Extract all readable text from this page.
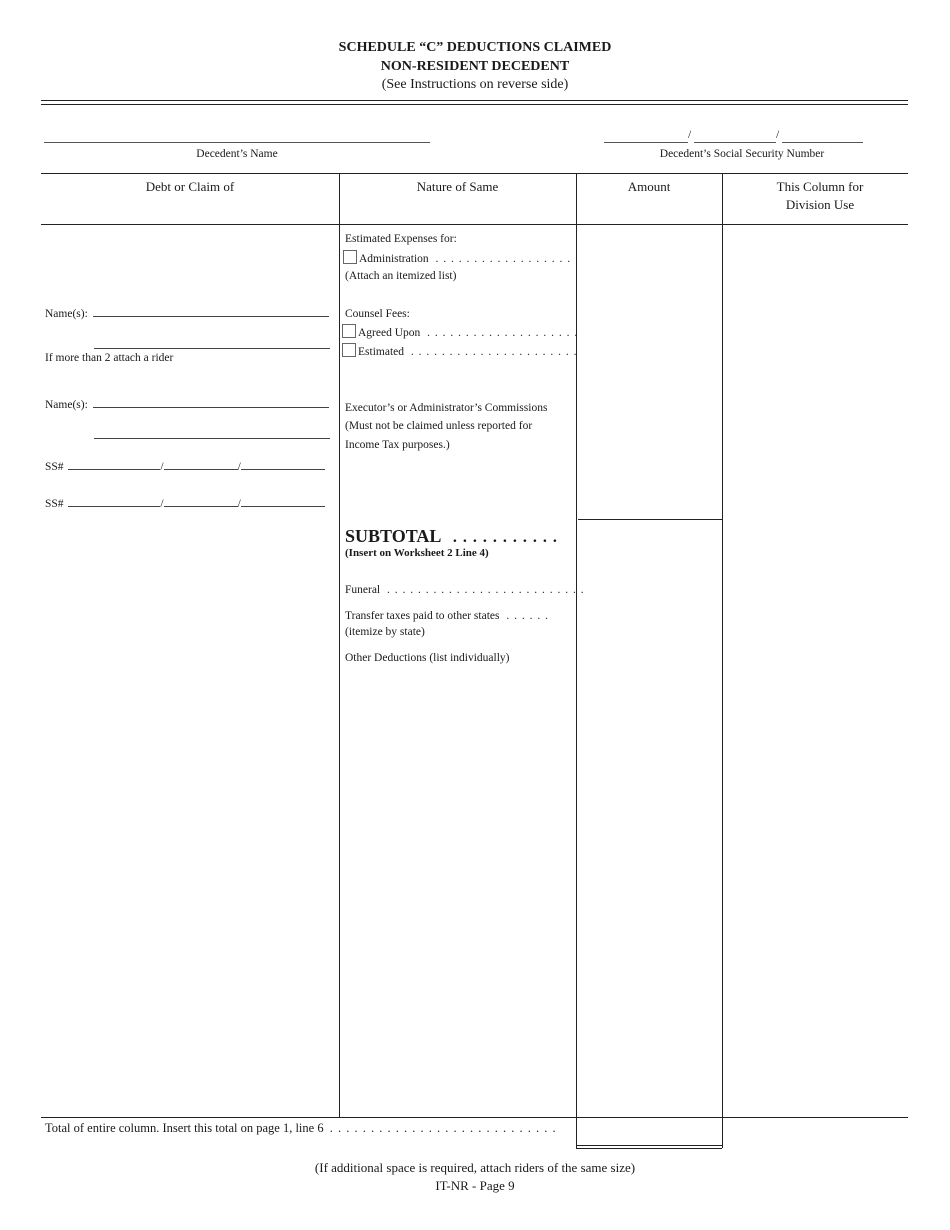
SCHEDULE “C” DEDUCTIONS CLAIMED
NON-RESIDENT DECEDENT
(See Instructions on reverse side)
Decedent’s Name
/	/
Decedent’s Social Security Number
Debt or Claim of	Nature of Same	Amount	This Column for
Division Use
Name(s):
If more than 2 attach a rider
Name(s):
SS#	/	/
SS#	/	/
Estimated Expenses for:
Administration . . . . . . . . . . . . . . . . . .
(Attach an itemized list)
Counsel Fees:
Agreed Upon . . . . . . . . . . . . . . . . . . . .
Estimated . . . . . . . . . . . . . . . . . . . . . .
Executor’s or Administrator’s Commissions
(Must not be claimed unless reported for
Income Tax purposes.)
SUBTOTAL . . . . . . . . . . .
(Insert on Worksheet 2 Line 4)
Funeral . . . . . . . . . . . . . . . . . . . . . . . . . .
Transfer taxes paid to other states . . . . . .
(itemize by state)
Other Deductions (list individually)
Total of entire column. Insert this total on page 1, line 6 . . . . . . . . . . . . . . . . . . . . . . . . . . . .
(If additional space is required, attach riders of the same size)
IT-NR - Page 9
